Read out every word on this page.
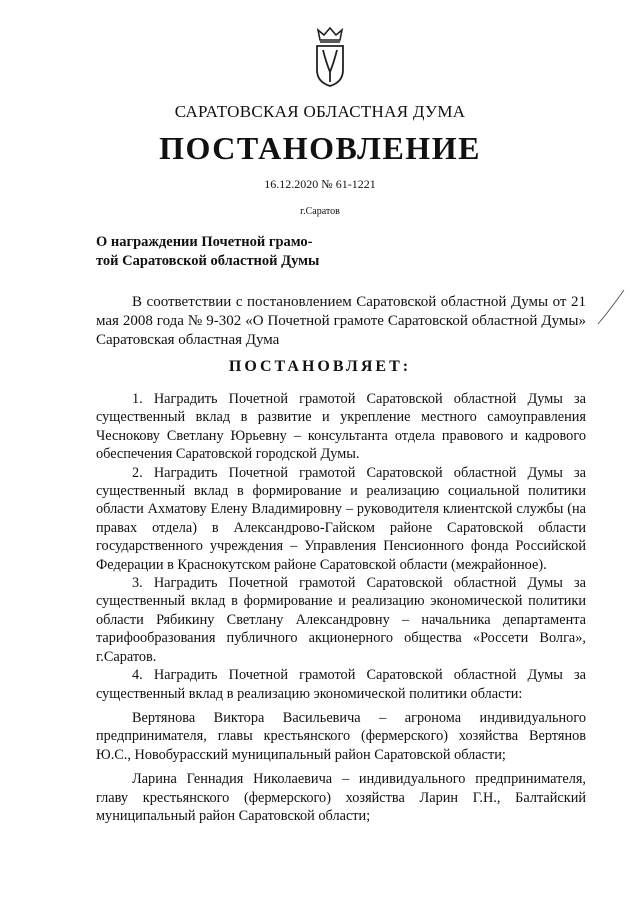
САРАТОВСКАЯ ОБЛАСТНАЯ ДУМА
ПОСТАНОВЛЕНИЕ
16.12.2020 № 61-1221
г.Саратов
О награждении Почетной грамо-
той Саратовской областной Думы

В соответствии с постановлением Саратовской областной Думы от 21 мая 2008 года № 9-302 «О Почетной грамоте Саратовской областной Думы» Саратовская областная Дума

ПОСТАНОВЛЯЕТ:

1. Наградить Почетной грамотой Саратовской областной Думы за существенный вклад в развитие и укрепление местного самоуправления Чеснокову Светлану Юрьевну – консультанта отдела правового и кадрового обеспечения Саратовской городской Думы.

2. Наградить Почетной грамотой Саратовской областной Думы за существенный вклад в формирование и реализацию социальной политики области Ахматову Елену Владимировну – руководителя клиентской службы (на правах отдела) в Александрово-Гайском районе Саратовской области государственного учреждения – Управления Пенсионного фонда Российской Федерации в Краснокутском районе Саратовской области (межрайонное).

3. Наградить Почетной грамотой Саратовской областной Думы за существенный вклад в формирование и реализацию экономической политики области Рябикину Светлану Александровну – начальника департамента тарифообразования публичного акционерного общества «Россети Волга», г.Саратов.

4. Наградить Почетной грамотой Саратовской областной Думы за существенный вклад в реализацию экономической политики области:

Вертянова Виктора Васильевича – агронома индивидуального предпринимателя, главы крестьянского (фермерского) хозяйства Вертянов Ю.С., Новобурасский муниципальный район Саратовской области;

Ларина Геннадия Николаевича – индивидуального предпринимателя, главу крестьянского (фермерского) хозяйства Ларин Г.Н., Балтайский муниципальный район Саратовской области;
